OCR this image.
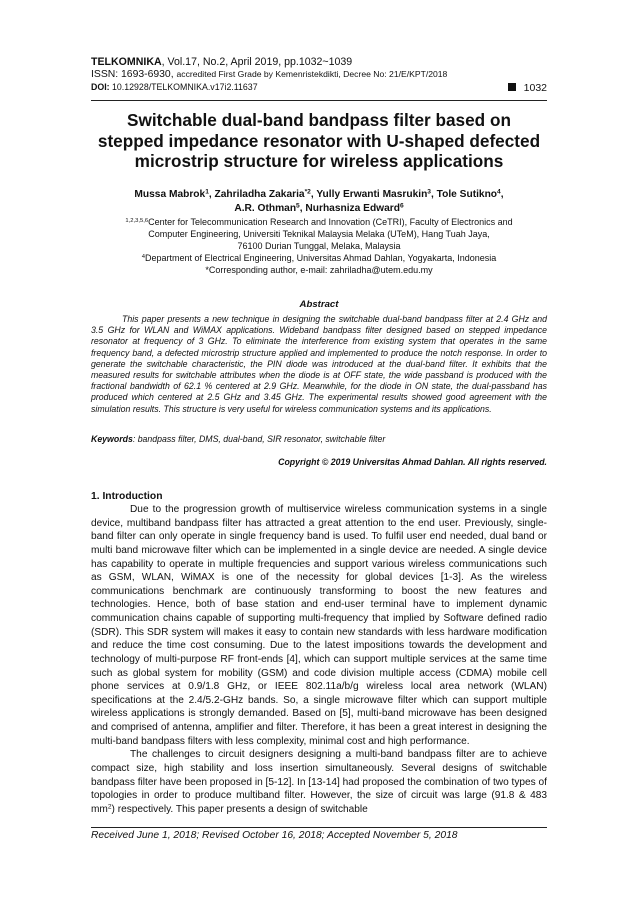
TELKOMNIKA, Vol.17, No.2, April 2019, pp.1032~1039
ISSN: 1693-6930, accredited First Grade by Kemenristekdikti, Decree No: 21/E/KPT/2018
DOI: 10.12928/TELKOMNIKA.v17i2.11637	1032
Switchable dual-band bandpass filter based on
stepped impedance resonator with U-shaped defected
microstrip structure for wireless applications
Mussa Mabrok$^1$, Zahriladha Zakaria$^{*2}$, Yully Erwanti Masrukin$^3$, Tole Sutikno$^4$,
A.R. Othman$^5$, Nurhasniza Edward$^6$
$^{1,2,3,5,6}$Center for Telecommunication Research and Innovation (CeTRI), Faculty of Electronics and
Computer Engineering, Universiti Teknikal Malaysia Melaka (UTeM), Hang Tuah Jaya,
76100 Durian Tunggal, Melaka, Malaysia
$^4$Department of Electrical Engineering, Universitas Ahmad Dahlan, Yogyakarta, Indonesia
*Corresponding author, e-mail: zahriladha@utem.edu.my
Abstract
This paper presents a new technique in designing the switchable dual-band bandpass filter at 2.4 GHz and 3.5 GHz for WLAN and WiMAX applications. Wideband bandpass filter designed based on stepped impedance resonator at frequency of 3 GHz. To eliminate the interference from existing system that operates in the same frequency band, a defected microstrip structure applied and implemented to produce the notch response. In order to generate the switchable characteristic, the PIN diode was introduced at the dual-band filter. It exhibits that the measured results for switchable attributes when the diode is at OFF state, the wide passband is produced with the fractional bandwidth of 62.1 % centered at 2.9 GHz. Meanwhile, for the diode in ON state, the dual-passband has produced which centered at 2.5 GHz and 3.45 GHz. The experimental results showed good agreement with the simulation results. This structure is very useful for wireless communication systems and its applications.
Keywords: bandpass filter, DMS, dual-band, SIR resonator, switchable filter
Copyright © 2019 Universitas Ahmad Dahlan. All rights reserved.
1. Introduction

Due to the progression growth of multiservice wireless communication systems in a single device, multiband bandpass filter has attracted a great attention to the end user. Previously, single-band filter can only operate in single frequency band is used. To fulfil user end needed, dual band or multi band microwave filter which can be implemented in a single device are needed. A single device has capability to operate in multiple frequencies and support various wireless communications such as GSM, WLAN, WiMAX is one of the necessity for global devices [1-3]. As the wireless communications benchmark are continuously transforming to boost the new features and technologies. Hence, both of base station and end-user terminal have to implement dynamic communication chains capable of supporting multi-frequency that implied by Software defined radio (SDR). This SDR system will makes it easy to contain new standards with less hardware modification and reduce the time cost consuming. Due to the latest impositions towards the development and technology of multi-purpose RF front-ends [4], which can support multiple services at the same time such as global system for mobility (GSM) and code division multiple access (CDMA) mobile cell phone services at 0.9/1.8 GHz, or IEEE 802.11a/b/g wireless local area network (WLAN) specifications at the 2.4/5.2-GHz bands. So, a single microwave filter which can support multiple wireless applications is strongly demanded. Based on [5], multi-band microwave has been designed and comprised of antenna, amplifier and filter. Therefore, it has been a great interest in designing the multi-band bandpass filters with less complexity, minimal cost and high performance.

The challenges to circuit designers designing a multi-band bandpass filter are to achieve compact size, high stability and loss insertion simultaneously. Several designs of switchable bandpass filter have been proposed in [5-12]. In [13-14] had proposed the combination of two types of topologies in order to produce multiband filter. However, the size of circuit was large (91.8 & 483 $mm^2$) respectively. This paper presents a design of switchable

Received June 1, 2018; Revised October 16, 2018; Accepted November 5, 2018
